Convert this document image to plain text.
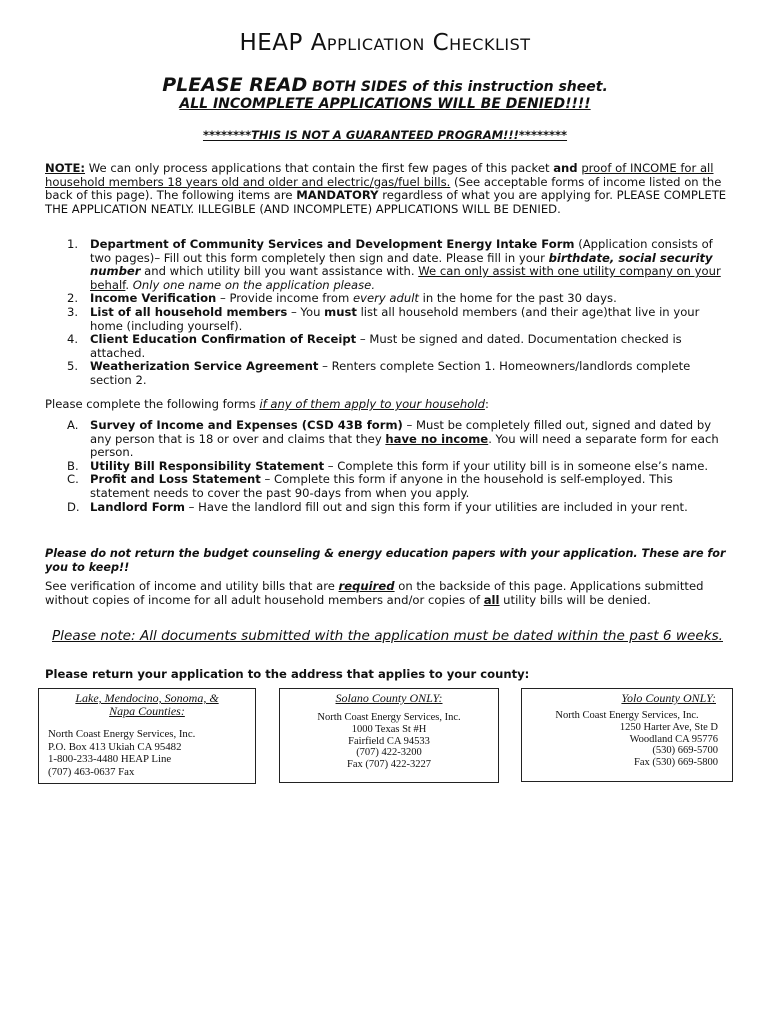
HEAP Application Checklist
PLEASE READ BOTH SIDES of this instruction sheet.
ALL INCOMPLETE APPLICATIONS WILL BE DENIED!!!!
********THIS IS NOT A GUARANTEED PROGRAM!!!********
NOTE: We can only process applications that contain the first few pages of this packet and proof of INCOME for all household members 18 years old and older and electric/gas/fuel bills. (See acceptable forms of income listed on the back of this page). The following items are MANDATORY regardless of what you are applying for. PLEASE COMPLETE THE APPLICATION NEATLY. ILLEGIBLE (AND INCOMPLETE) APPLICATIONS WILL BE DENIED.
1. Department of Community Services and Development Energy Intake Form (Application consists of two pages)– Fill out this form completely then sign and date. Please fill in your birthdate, social security number and which utility bill you want assistance with. We can only assist with one utility company on your behalf. Only one name on the application please.
2. Income Verification – Provide income from every adult in the home for the past 30 days.
3. List of all household members – You must list all household members (and their age)that live in your home (including yourself).
4. Client Education Confirmation of Receipt – Must be signed and dated. Documentation checked is attached.
5. Weatherization Service Agreement – Renters complete Section 1. Homeowners/landlords complete section 2.
Please complete the following forms if any of them apply to your household:
A. Survey of Income and Expenses (CSD 43B form) – Must be completely filled out, signed and dated by any person that is 18 or over and claims that they have no income. You will need a separate form for each person.
B. Utility Bill Responsibility Statement – Complete this form if your utility bill is in someone else’s name.
C. Profit and Loss Statement – Complete this form if anyone in the household is self-employed. This statement needs to cover the past 90-days from when you apply.
D. Landlord Form – Have the landlord fill out and sign this form if your utilities are included in your rent.
Please do not return the budget counseling & energy education papers with your application. These are for you to keep!!
See verification of income and utility bills that are required on the backside of this page. Applications submitted without copies of income for all adult household members and/or copies of all utility bills will be denied.
Please note: All documents submitted with the application must be dated within the past 6 weeks.
Please return your application to the address that applies to your county:
Lake, Mendocino, Sonoma, & Napa Counties:
North Coast Energy Services, Inc.
P.O. Box 413 Ukiah CA 95482
1-800-233-4480 HEAP Line
(707) 463-0637 Fax
Solano County ONLY:
North Coast Energy Services, Inc.
1000 Texas St #H
Fairfield CA 94533
(707) 422-3200
Fax (707) 422-3227
Yolo County ONLY:
North Coast Energy Services, Inc.
1250 Harter Ave, Ste D
Woodland CA 95776
(530) 669-5700
Fax (530) 669-5800
